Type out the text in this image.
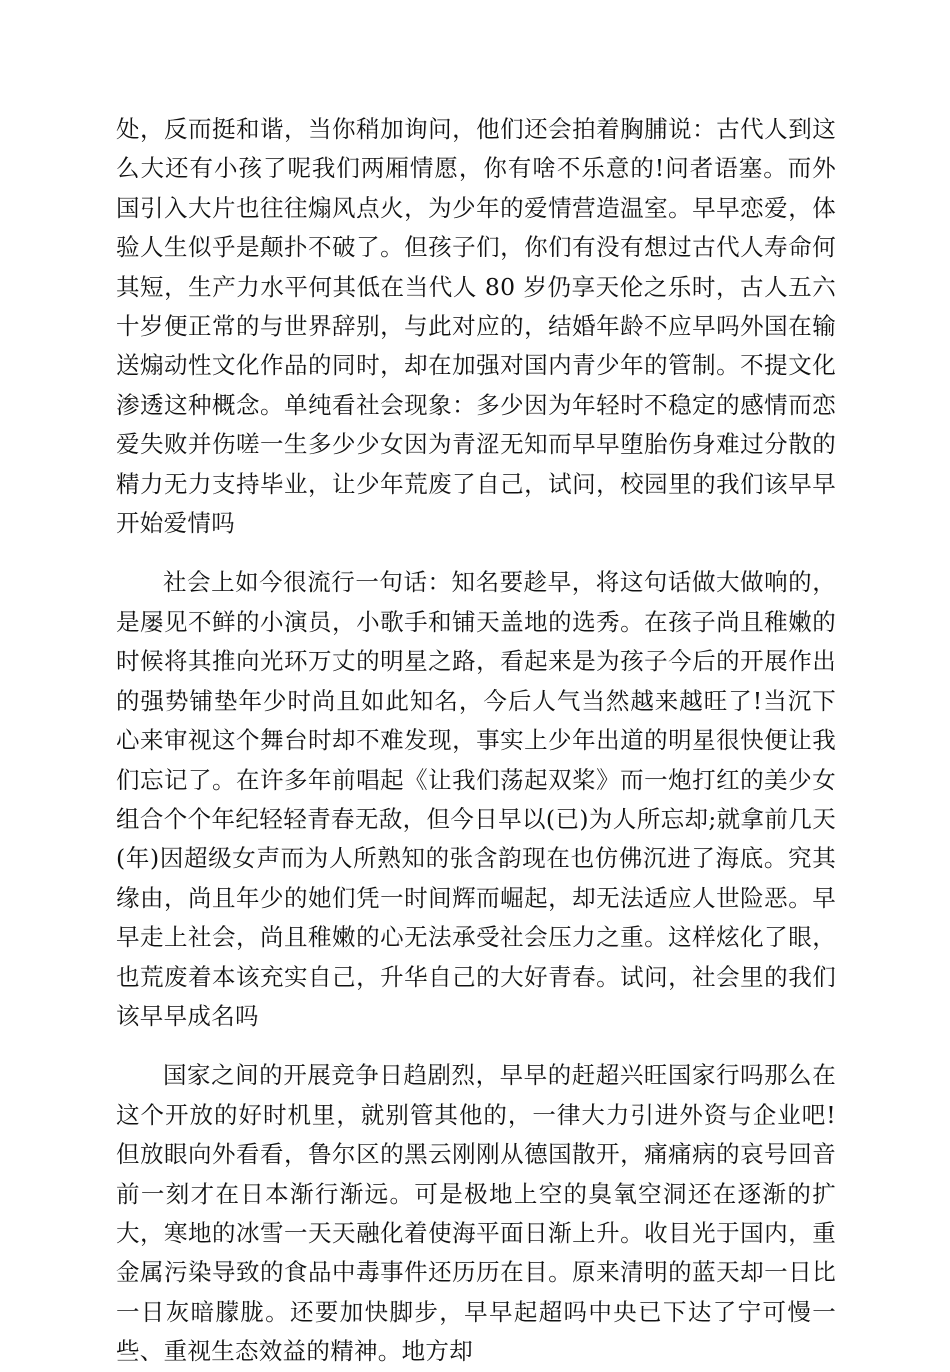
处，反而挺和谐，当你稍加询问，他们还会拍着胸脯说：古代人到这么大还有小孩了呢我们两厢情愿，你有啥不乐意的!问者语塞。而外国引入大片也往往煽风点火，为少年的爱情营造温室。早早恋爱，体验人生似乎是颠扑不破了。但孩子们，你们有没有想过古代人寿命何其短，生产力水平何其低在当代人 80 岁仍享天伦之乐时，古人五六十岁便正常的与世界辞别，与此对应的，结婚年龄不应早吗外国在输送煽动性文化作品的同时，却在加强对国内青少年的管制。不提文化渗透这种概念。单纯看社会现象：多少因为年轻时不稳定的感情而恋爱失败并伤嗟一生多少少女因为青涩无知而早早堕胎伤身难过分散的精力无力支持毕业，让少年荒废了自己，试问，校园里的我们该早早开始爱情吗

社会上如今很流行一句话：知名要趁早，将这句话做大做响的，是屡见不鲜的小演员，小歌手和铺天盖地的选秀。在孩子尚且稚嫩的时候将其推向光环万丈的明星之路，看起来是为孩子今后的开展作出的强势铺垫年少时尚且如此知名，今后人气当然越来越旺了!当沉下心来审视这个舞台时却不难发现，事实上少年出道的明星很快便让我们忘记了。在许多年前唱起《让我们荡起双桨》而一炮打红的美少女组合个个年纪轻轻青春无敌，但今日早以(已)为人所忘却;就拿前几天(年)因超级女声而为人所熟知的张含韵现在也仿佛沉进了海底。究其缘由，尚且年少的她们凭一时间辉而崛起，却无法适应人世险恶。早早走上社会，尚且稚嫩的心无法承受社会压力之重。这样炫化了眼，也荒废着本该充实自己，升华自己的大好青春。试问，社会里的我们该早早成名吗

国家之间的开展竞争日趋剧烈，早早的赶超兴旺国家行吗那么在这个开放的好时机里，就别管其他的，一律大力引进外资与企业吧!但放眼向外看看，鲁尔区的黑云刚刚从德国散开，痛痛病的哀号回音前一刻才在日本渐行渐远。可是极地上空的臭氧空洞还在逐渐的扩大，寒地的冰雪一天天融化着使海平面日渐上升。收目光于国内，重金属污染导致的食品中毒事件还历历在目。原来清明的蓝天却一日比一日灰暗朦胧。还要加快脚步，早早起超吗中央已下达了宁可慢一些、重视生态效益的精神。地方却
